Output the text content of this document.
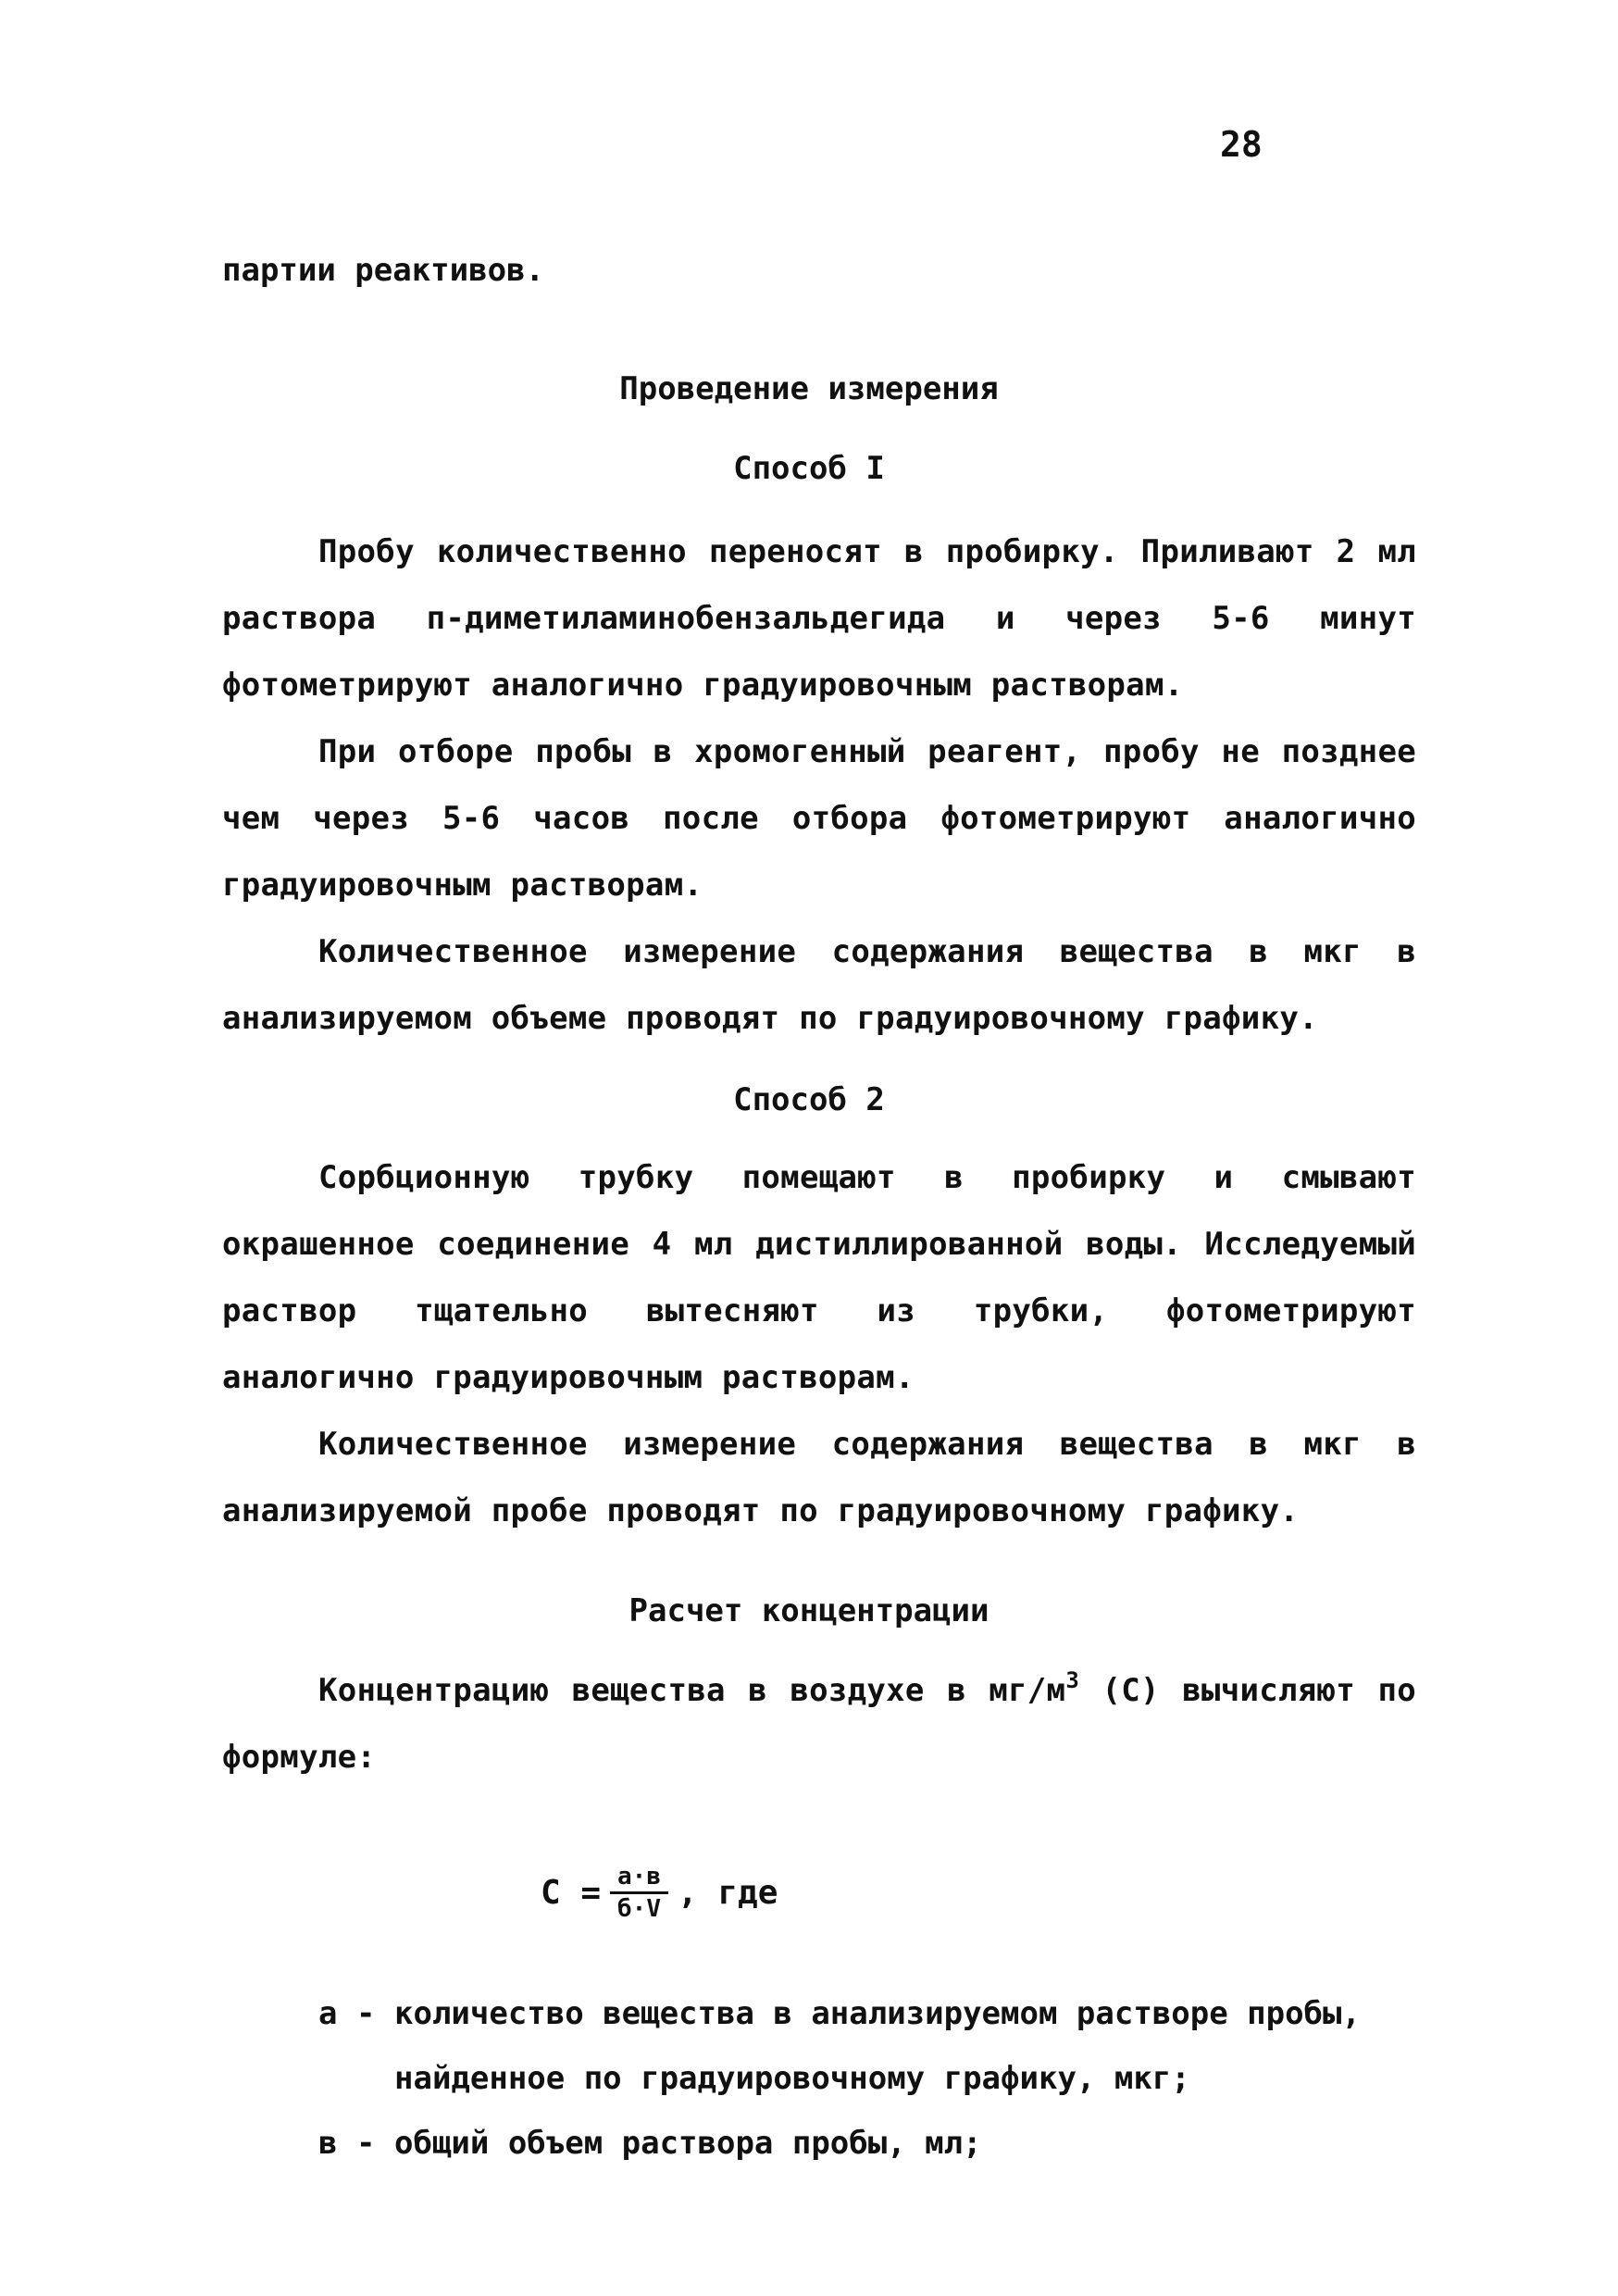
28
партии реактивов.
Проведение измерения
Способ I

Пробу количественно переносят в пробирку. Приливают 2 мл раствора п-диметиламинобензальдегида и через 5-6 минут фотометрируют аналогично градуировочным растворам.

При отборе пробы в хромогенный реагент, пробу не позднее чем через 5-6 часов после отбора фотометрируют аналогично градуировочным растворам.

Количественное измерение содержания вещества в мкг в анализируемом объеме проводят по градуировочному графику.

Способ 2

Сорбционную трубку помещают в пробирку и смывают окрашенное соединение 4 мл дистиллированной воды. Исследуемый раствор тщательно вытесняют из трубки, фотометрируют аналогично градуировочным растворам.

Количественное измерение содержания вещества в мкг в анализируемой пробе проводят по градуировочному графику.

Расчет концентрации

Концентрацию вещества в воздухе в $мг/м^3$ (С) вычисляют по формуле:

$С = \frac{а\cdot в}{б\cdot V}$ , где
а - количество вещества в анализируемом растворе пробы, найденное по градуировочному графику, мкг;
в - общий объем раствора пробы, мл;
